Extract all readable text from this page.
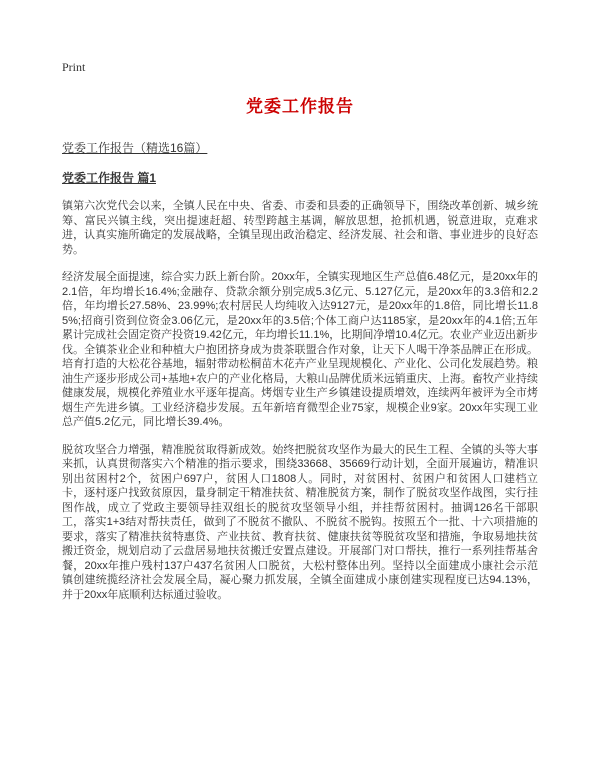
Print
党委工作报告
党委工作报告（精选16篇）
党委工作报告 篇1

镇第六次党代会以来，全镇人民在中央、省委、市委和县委的正确领导下，围绕改革创新、城乡统筹、富民兴镇主线，突出提速赶超、转型跨越主基调，解放思想，抢抓机遇，锐意进取，克难求进，认真实施所确定的发展战略，全镇呈现出政治稳定、经济发展、社会和谐、事业进步的良好态势。

经济发展全面提速，综合实力跃上新台阶。20xx年，全镇实现地区生产总值6.48亿元，是20xx年的2.1倍，年均增长16.4%;金融存、贷款余额分别完成5.3亿元、5.127亿元，是20xx年的3.3倍和2.2倍，年均增长27.58%、23.99%;农村居民人均纯收入达9127元，是20xx年的1.8倍，同比增长11.85%;招商引资到位资金3.06亿元，是20xx年的3.5倍;个体工商户达1185家，是20xx年的4.1倍;五年累计完成社会固定资产投资19.42亿元，年均增长11.1%，比期间净增10.4亿元。农业产业迈出新步伐。全镇茶业企业和种植大户抱团挤身成为贵茶联盟合作对象，让天下人喝干净茶品牌正在形成。培育打造的大松花谷基地，辐射带动松桐苗木花卉产业呈现规模化、产业化、公司化发展趋势。粮油生产逐步形成公司+基地+农户的产业化格局，大粮山品牌优质米远销重庆、上海。畜牧产业持续健康发展，规模化养殖业水平逐年提高。烤烟专业生产乡镇建设提质增效，连续两年被评为全市烤烟生产先进乡镇。工业经济稳步发展。五年新培育微型企业75家，规模企业9家。20xx年实现工业总产值5.2亿元，同比增长39.4%。

脱贫攻坚合力增强，精准脱贫取得新成效。始终把脱贫攻坚作为最大的民生工程、全镇的头等大事来抓，认真贯彻落实六个精准的指示要求，围绕33668、35669行动计划，全面开展遍访，精准识别出贫困村2个，贫困户697户，贫困人口1808人。同时，对贫困村、贫困户和贫困人口建档立卡，逐村逐户找致贫原因，量身制定干精准扶贫、精准脱贫方案，制作了脱贫攻坚作战图，实行挂图作战，成立了党政主要领导挂双组长的脱贫攻坚领导小组，并挂帮贫困村。抽调126名干部职工，落实1+3结对帮扶责任，做到了不脱贫不撤队、不脱贫不脱钩。按照五个一批、十六项措施的要求，落实了精准扶贫特惠贷、产业扶贫、教育扶贫、健康扶贫等脱贫攻坚和措施，争取易地扶贫搬迁资金，规划启动了云盘居易地扶贫搬迁安置点建设。开展部门对口帮扶，推行一系列挂帮基舍餐，20xx年推户残村137户437名贫困人口脱贫，大松村整体出列。坚持以全面建成小康社会示范镇创建统揽经济社会发展全局，凝心聚力抓发展，全镇全面建成小康创建实现程度已达94.13%，并于20xx年底顺利达标通过验收。
